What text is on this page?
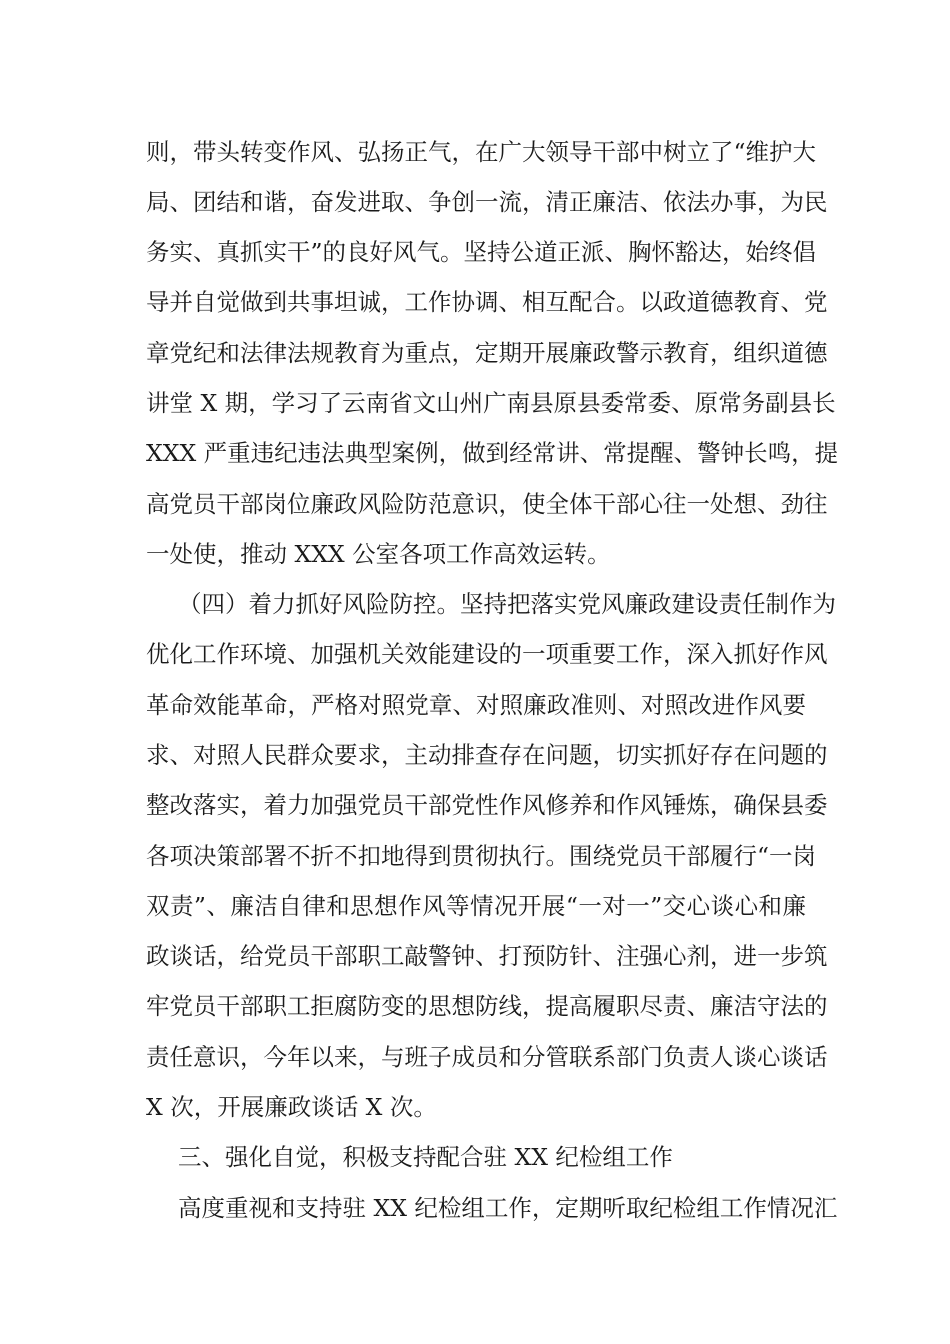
则，带头转变作风、弘扬正气，在广大领导干部中树立了“维护大
局、团结和谐，奋发进取、争创一流，清正廉洁、依法办事，为民
务实、真抓实干”的良好风气。坚持公道正派、胸怀豁达，始终倡
导并自觉做到共事坦诚，工作协调、相互配合。以政道德教育、党
章党纪和法律法规教育为重点，定期开展廉政警示教育，组织道德
讲堂 X 期，学习了云南省文山州广南县原县委常委、原常务副县长
XXX 严重违纪违法典型案例，做到经常讲、常提醒、警钟长鸣，提
高党员干部岗位廉政风险防范意识，使全体干部心往一处想、劲往
一处使，推动 XXX 公室各项工作高效运转。
（四）着力抓好风险防控。坚持把落实党风廉政建设责任制作为
优化工作环境、加强机关效能建设的一项重要工作，深入抓好作风
革命效能革命，严格对照党章、对照廉政准则、对照改进作风要
求、对照人民群众要求，主动排查存在问题，切实抓好存在问题的
整改落实，着力加强党员干部党性作风修养和作风锤炼，确保县委
各项决策部署不折不扣地得到贯彻执行。围绕党员干部履行“一岗
双责”、廉洁自律和思想作风等情况开展“一对一”交心谈心和廉
政谈话，给党员干部职工敲警钟、打预防针、注强心剂，进一步筑
牢党员干部职工拒腐防变的思想防线，提高履职尽责、廉洁守法的
责任意识，今年以来，与班子成员和分管联系部门负责人谈心谈话
X 次，开展廉政谈话 X 次。
三、强化自觉，积极支持配合驻 XX 纪检组工作
高度重视和支持驻 XX 纪检组工作，定期听取纪检组工作情况汇
